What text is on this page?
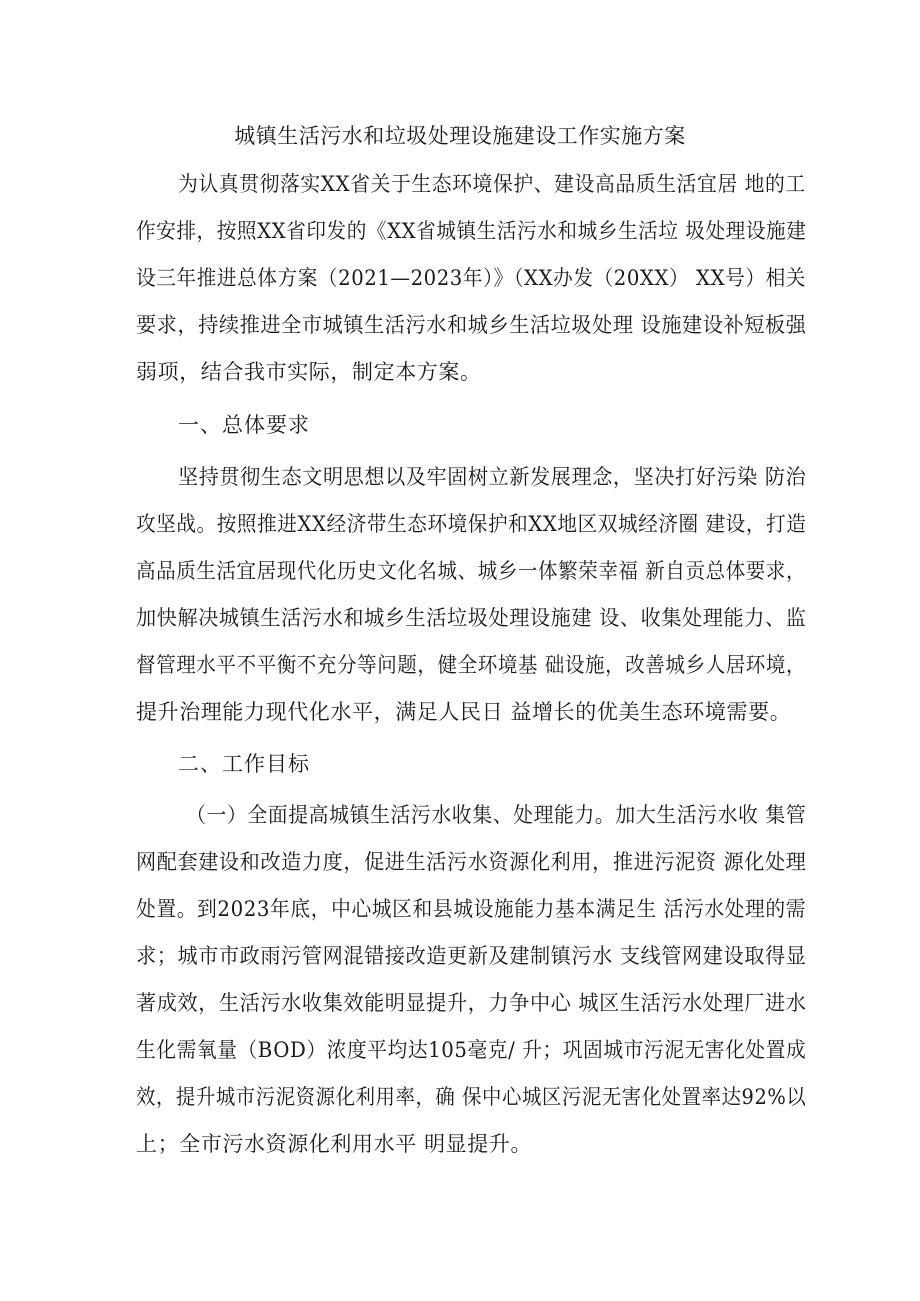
城镇生活污水和垃圾处理设施建设工作实施方案
为认真贯彻落实XX省关于生态环境保护、建设高品质生活宜居 地的工
作安排，按照XX省印发的《XX省城镇生活污水和城乡生活垃 圾处理设施建
设三年推进总体方案（2021—2023年）》（XX办发（20XX） XX号）相关
要求，持续推进全市城镇生活污水和城乡生活垃圾处理 设施建设补短板强
弱项，结合我市实际，制定本方案。
一、总体要求
坚持贯彻生态文明思想以及牢固树立新发展理念，坚决打好污染 防治
攻坚战。按照推进XX经济带生态环境保护和XX地区双城经济圈 建设，打造
高品质生活宜居现代化历史文化名城、城乡一体繁荣幸福 新自贡总体要求，
加快解决城镇生活污水和城乡生活垃圾处理设施建 设、收集处理能力、监
督管理水平不平衡不充分等问题，健全环境基 础设施，改善城乡人居环境，
提升治理能力现代化水平，满足人民日 益增长的优美生态环境需要。
二、工作目标
（一）全面提高城镇生活污水收集、处理能力。加大生活污水收 集管
网配套建设和改造力度，促进生活污水资源化利用，推进污泥资 源化处理
处置。到2023年底，中心城区和县城设施能力基本满足生 活污水处理的需
求；城市市政雨污管网混错接改造更新及建制镇污水 支线管网建设取得显
著成效，生活污水收集效能明显提升，力争中心 城区生活污水处理厂进水
生化需氧量（BOD）浓度平均达105毫克/ 升；巩固城市污泥无害化处置成
效，提升城市污泥资源化利用率，确 保中心城区污泥无害化处置率达92%以
上；全市污水资源化利用水平 明显提升。
